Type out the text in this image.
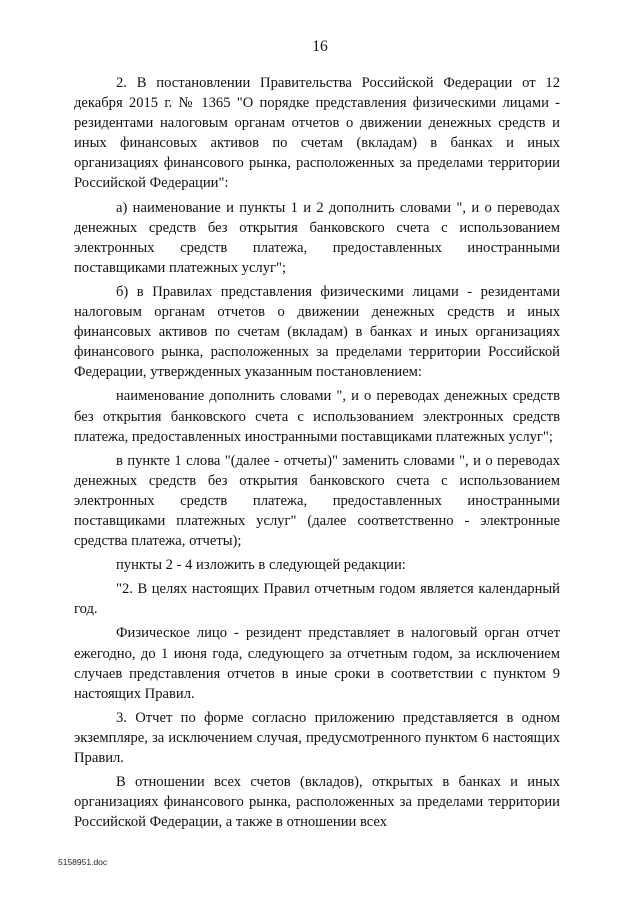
16

2. В постановлении Правительства Российской Федерации от 12 декабря 2015 г. № 1365 "О порядке представления физическими лицами - резидентами налоговым органам отчетов о движении денежных средств и иных финансовых активов по счетам (вкладам) в банках и иных организациях финансового рынка, расположенных за пределами территории Российской Федерации":

а) наименование и пункты 1 и 2 дополнить словами ", и о переводах денежных средств без открытия банковского счета с использованием электронных средств платежа, предоставленных иностранными поставщиками платежных услуг";

б) в Правилах представления физическими лицами - резидентами налоговым органам отчетов о движении денежных средств и иных финансовых активов по счетам (вкладам) в банках и иных организациях финансового рынка, расположенных за пределами территории Российской Федерации, утвержденных указанным постановлением:

наименование дополнить словами ", и о переводах денежных средств без открытия банковского счета с использованием электронных средств платежа, предоставленных иностранными поставщиками платежных услуг";

в пункте 1 слова "(далее - отчеты)" заменить словами ", и о переводах денежных средств без открытия банковского счета с использованием электронных средств платежа, предоставленных иностранными поставщиками платежных услуг" (далее соответственно - электронные средства платежа, отчеты);

пункты 2 - 4 изложить в следующей редакции:

"2. В целях настоящих Правил отчетным годом является календарный год.

Физическое лицо - резидент представляет в налоговый орган отчет ежегодно, до 1 июня года, следующего за отчетным годом, за исключением случаев представления отчетов в иные сроки в соответствии с пунктом 9 настоящих Правил.

3. Отчет по форме согласно приложению представляется в одном экземпляре, за исключением случая, предусмотренного пунктом 6 настоящих Правил.

В отношении всех счетов (вкладов), открытых в банках и иных организациях финансового рынка, расположенных за пределами территории Российской Федерации, а также в отношении всех

5158951.doc
